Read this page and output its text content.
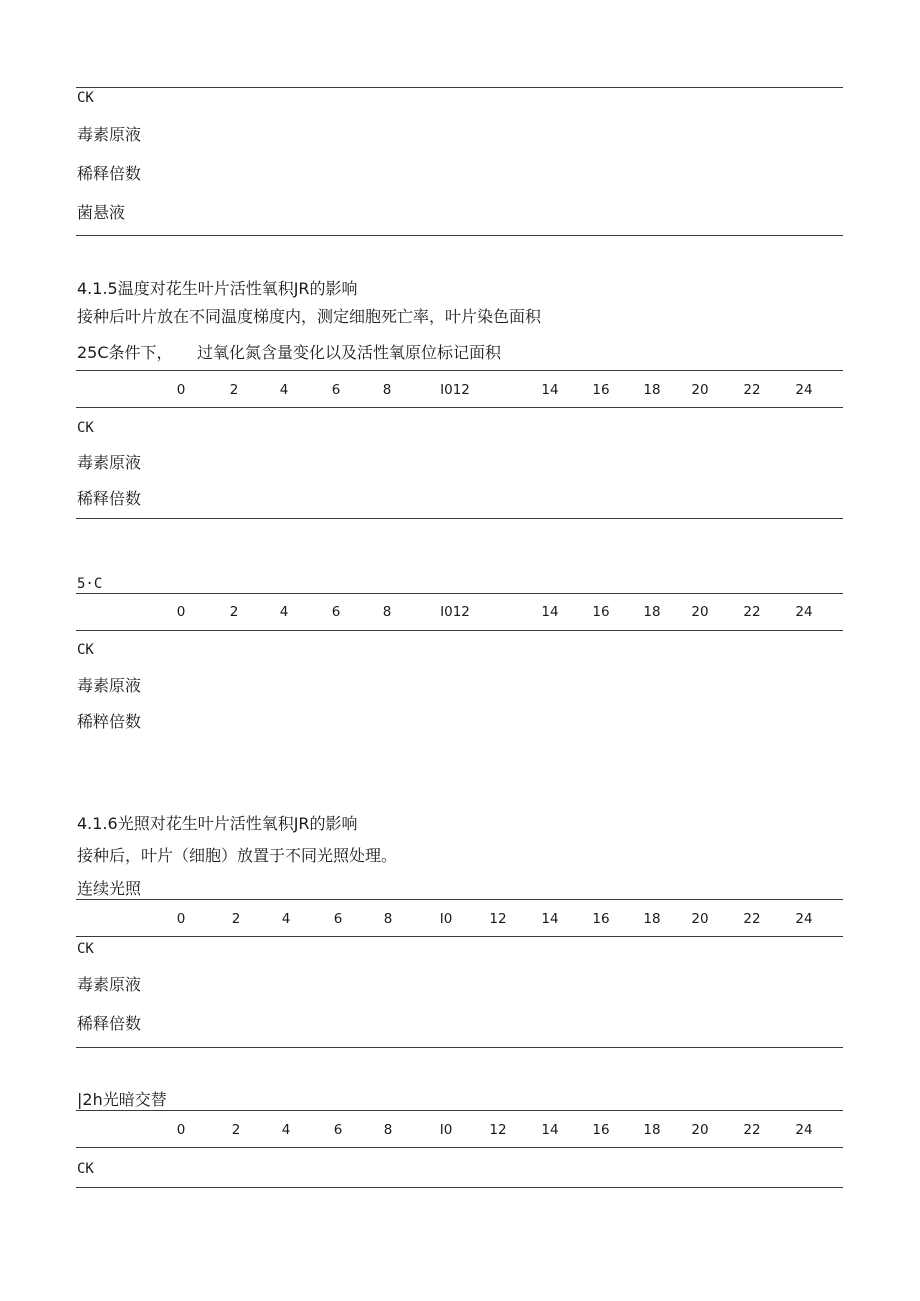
CK
毒素原液
稀释倍数
菌悬液
4.1.5温度对花生叶片活性氧积JR的影响
接种后叶片放在不同温度梯度内，测定细胞死亡率，叶片染色面积
25C条件下， 过氧化氮含量变化以及活性氧原位标记面积
0	2	4	6	8	I012	14	16	18 20	22	24
CK
毒素原液
稀释倍数
5·C
0	2	4	6	8	I012	14	16	18 20	22	24
CK
毒素原液
稀粹倍数
4.1.6光照对花生叶片活性氧积JR的影响
接种后，叶片（细胞）放置于不同光照处理。
连续光照
0	2	4	6	8	I0	12	14	16	18 20	22	24
CK
毒素原液
稀释倍数
|2h光暗交替
0	2	4	6	8	I0	12	14	16	18 20	22	24
CK
